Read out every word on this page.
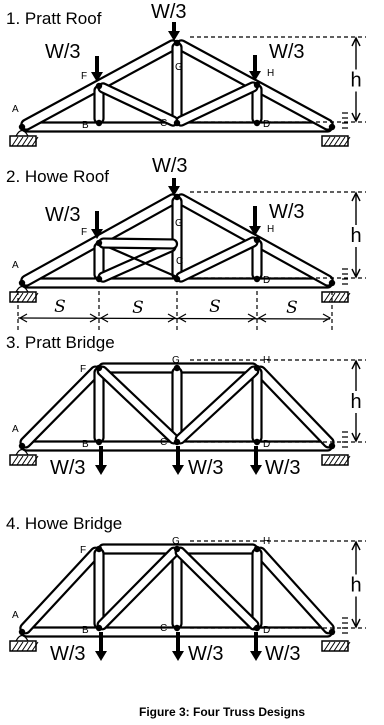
1. Pratt Roof
A
F
G
H
B	C	D
W/3
W/3
W/3
h
2. Howe Roof
A
F
G
H
C
D
W/3
W/3
W/3
h
S	S	S	S
3. Pratt Bridge
A
F
G	H
B	C	D
W/3	W/3 W/3
h
4. Howe Bridge
A
F
G	H
B	C	D
W/3	W/3 W/3
h
Figure 3: Four Truss Designs
